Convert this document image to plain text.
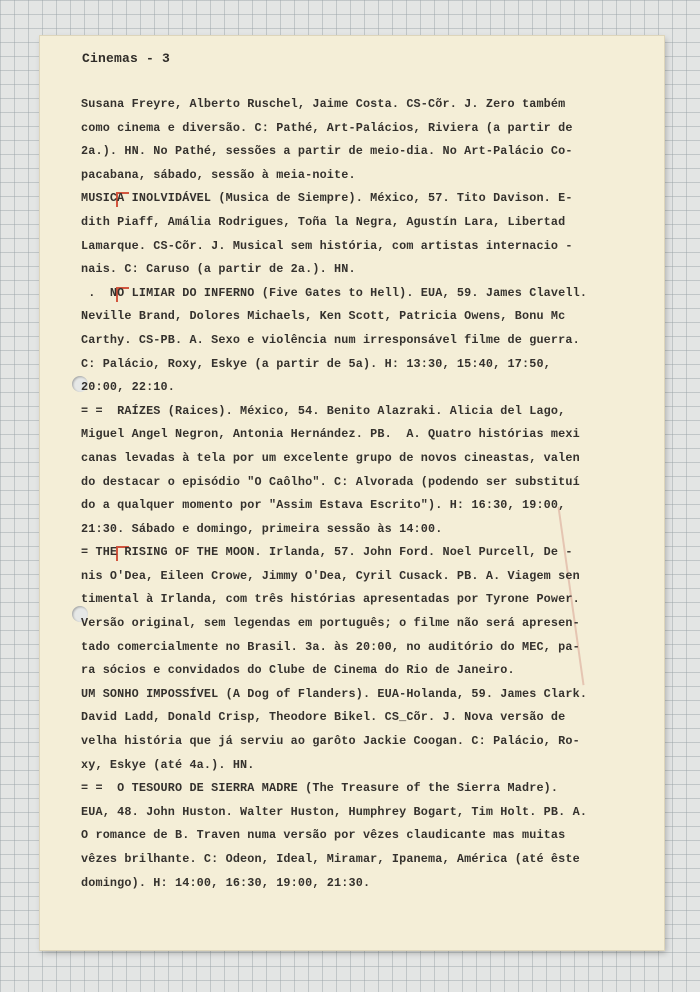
Cinemas - 3
Susana Freyre, Alberto Ruschel, Jaime Costa. CS-Cõr. J. Zero também
como cinema e diversão. C: Pathé, Art-Palácios, Riviera (a partir de
2a.). HN. No Pathé, sessões a partir de meio-dia. No Art-Palácio Co-
pacabana, sábado, sessão à meia-noite.
MUSICA INOLVIDÁVEL (Musica de Siempre). México, 57. Tito Davison. E-
dith Piaff, Amália Rodrigues, Toña la Negra, Agustín Lara, Libertad
Lamarque. CS-Cõr. J. Musical sem história, com artistas internacio -
nais. C: Caruso (a partir de 2a.). HN.
.  NO LIMIAR DO INFERNO (Five Gates to Hell). EUA, 59. James Clavell.
Neville Brand, Dolores Michaels, Ken Scott, Patricia Owens, Bonu Mc
Carthy. CS-PB. A. Sexo e violência num irresponsável filme de guerra.
C: Palácio, Roxy, Eskye (a partir de 5a). H: 13:30, 15:40, 17:50,
20:00, 22:10.
= =  RAÍZES (Raices). México, 54. Benito Alazraki. Alicia del Lago,
Miguel Angel Negron, Antonia Hernández. PB.  A. Quatro histórias mexi
canas levadas à tela por um excelente grupo de novos cineastas, valen
do destacar o episódio "O Caôlho". C: Alvorada (podendo ser substituí
do a qualquer momento por "Assim Estava Escrito"). H: 16:30, 19:00,
21:30. Sábado e domingo, primeira sessão às 14:00.
= THE RISING OF THE MOON. Irlanda, 57. John Ford. Noel Purcell, De -
nis O'Dea, Eileen Crowe, Jimmy O'Dea, Cyril Cusack. PB. A. Viagem sen
timental à Irlanda, com três histórias apresentadas por Tyrone Power.
Versão original, sem legendas em português; o filme não será apresen-
tado comercialmente no Brasil. 3a. às 20:00, no auditório do MEC, pa-
ra sócios e convidados do Clube de Cinema do Rio de Janeiro.
UM SONHO IMPOSSÍVEL (A Dog of Flanders). EUA-Holanda, 59. James Clark.
David Ladd, Donald Crisp, Theodore Bikel. CS_Cõr. J. Nova versão de
velha história que já serviu ao garôto Jackie Coogan. C: Palácio, Ro-
xy, Eskye (até 4a.). HN.
= =  O TESOURO DE SIERRA MADRE (The Treasure of the Sierra Madre).
EUA, 48. John Huston. Walter Huston, Humphrey Bogart, Tim Holt. PB. A.
O romance de B. Traven numa versão por vêzes claudicante mas muitas
vêzes brilhante. C: Odeon, Ideal, Miramar, Ipanema, América (até êste
domingo). H: 14:00, 16:30, 19:00, 21:30.
